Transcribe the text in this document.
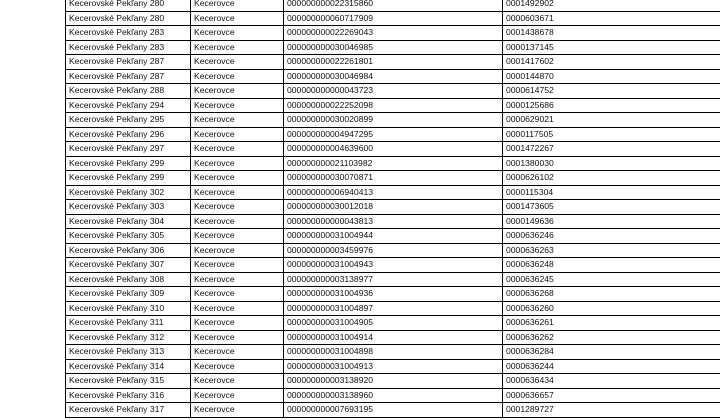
Kecerovské Pekľany 280	Kecerovce	000000000022315860	0001492902
Kecerovské Pekľany 280	Kecerovce	000000000060717909	0000603671
Kecerovské Pekľany 283	Kecerovce	000000000022269043	0001438678
Kecerovské Pekľany 283	Kecerovce	000000000030046985	0000137145
Kecerovské Pekľany 287	Kecerovce	000000000022261801	0001417602
Kecerovské Pekľany 287	Kecerovce	000000000030046984	0000144870
Kecerovské Pekľany 288	Kecerovce	000000000000043723	0000614752
Kecerovské Pekľany 294	Kecerovce	000000000022252098	0000125686
Kecerovské Pekľany 295	Kecerovce	000000000030020899	0000629021
Kecerovské Pekľany 296	Kecerovce	000000000004947295	0000117505
Kecerovské Pekľany 297	Kecerovce	000000000004639600	0001472267
Kecerovské Pekľany 299	Kecerovce	000000000021103982	0001380030
Kecerovské Pekľany 299	Kecerovce	000000000030070871	0000626102
Kecerovské Pekľany 302	Kecerovce	000000000006940413	0000115304
Kecerovské Pekľany 303	Kecerovce	000000000030012018	0001473605
Kecerovské Pekľany 304	Kecerovce	000000000000043813	0000149636
Kecerovské Pekľany 305	Kecerovce	000000000031004944	0000636246
Kecerovské Pekľany 306	Kecerovce	000000000003459976	0000636263
Kecerovské Pekľany 307	Kecerovce	000000000031004943	0000636248
Kecerovské Pekľany 308	Kecerovce	000000000003138977	0000636245
Kecerovské Pekľany 309	Kecerovce	000000000031004936	0000636268
Kecerovské Pekľany 310	Kecerovce	000000000031004897	0000636260
Kecerovské Pekľany 311	Kecerovce	000000000031004905	0000636261
Kecerovské Pekľany 312	Kecerovce	000000000031004914	0000636262
Kecerovské Pekľany 313	Kecerovce	000000000031004898	0000636284
Kecerovské Pekľany 314	Kecerovce	000000000031004913	0000636244
Kecerovské Pekľany 315	Kecerovce	000000000003138920	0000636434
Kecerovské Pekľany 316	Kecerovce	000000000003138960	0000636657
Kecerovské Pekľany 317	Kecerovce	000000000007693195	0001289727
